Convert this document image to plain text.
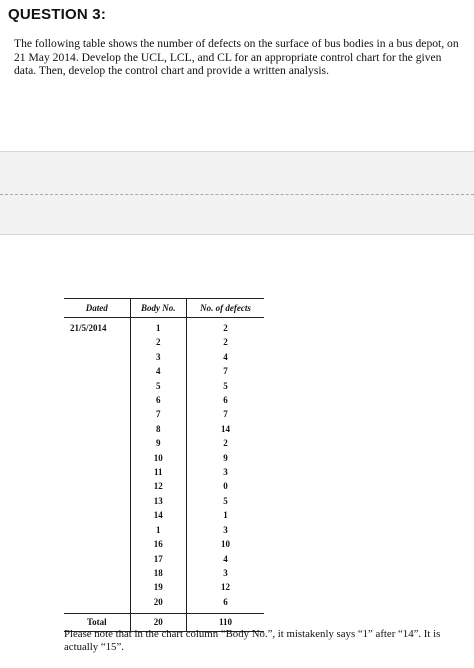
QUESTION 3:

The following table shows the number of defects on the surface of bus bodies in a bus depot, on 21 May 2014. Develop the UCL, LCL, and CL for an appropriate control chart for the given data. Then, develop the control chart and provide a written analysis.

Dated	Body No.	No. of defects
21/5/2014	1	2
	2	2
	3	4
	4	7
	5	5
	6	6
	7	7
	8	14
	9	2
	10	9
	11	3
	12	0
	13	5
	14	1
	1	3
	16	10
	17	4
	18	3
	19	12
	20	6
Total	20	110

Please note that in the chart column “Body No.”, it mistakenly says “1” after “14”. It is actually “15”.
